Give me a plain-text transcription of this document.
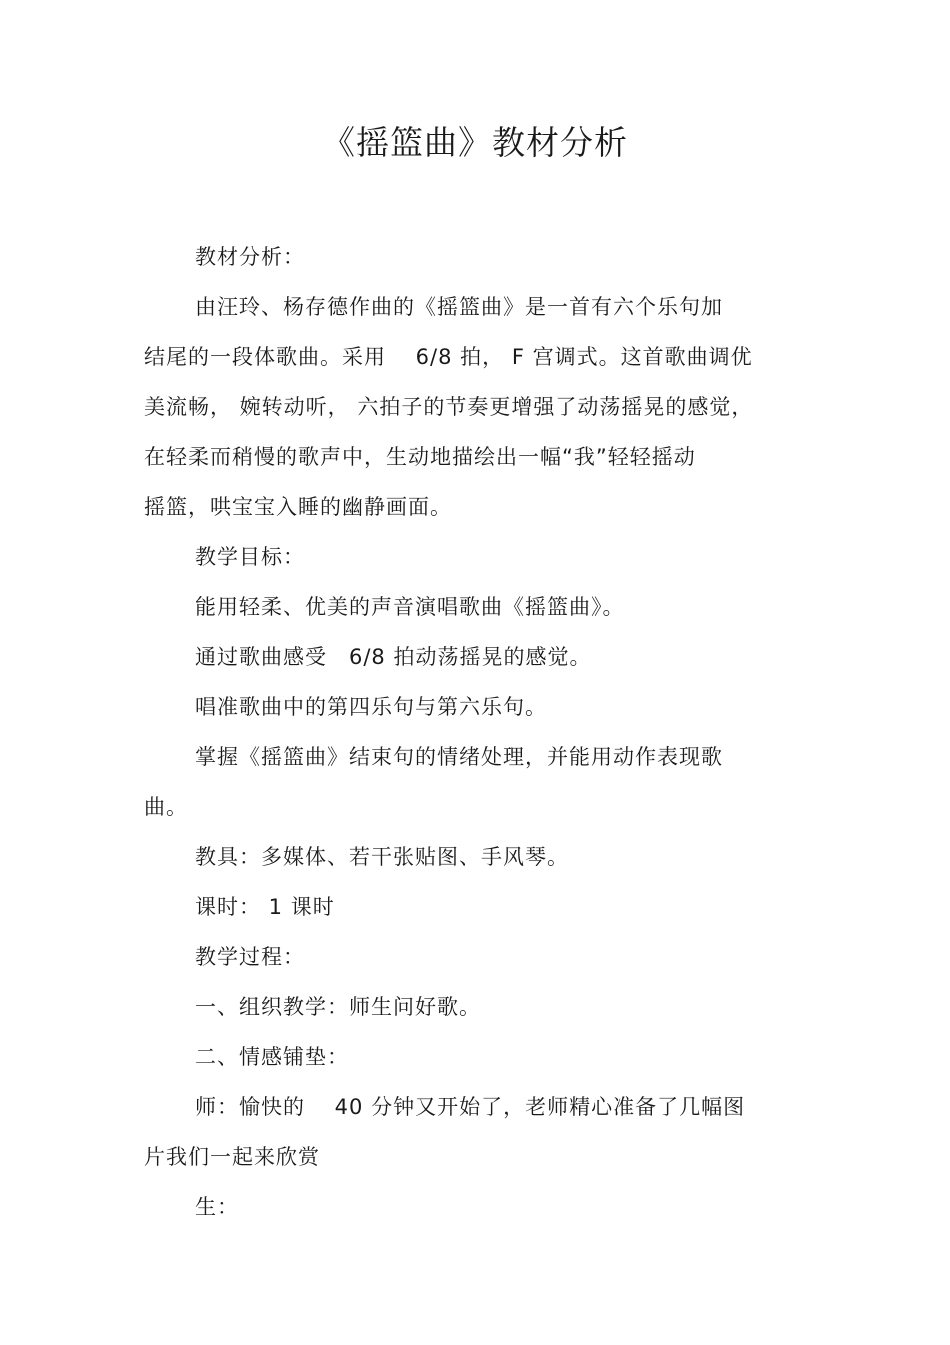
《摇篮曲》教材分析
教材分析：
由汪玲、杨存德作曲的《摇篮曲》是一首有六个乐句加
结尾的一段体歌曲。采用　 6/8 拍， F 宫调式。这首歌曲调优
美流畅， 婉转动听， 六拍子的节奏更增强了动荡摇晃的感觉，
在轻柔而稍慢的歌声中，生动地描绘出一幅“我”轻轻摇动
摇篮，哄宝宝入睡的幽静画面。
教学目标：
能用轻柔、优美的声音演唱歌曲《摇篮曲》。
通过歌曲感受　6/8 拍动荡摇晃的感觉。
唱准歌曲中的第四乐句与第六乐句。
掌握《摇篮曲》结束句的情绪处理，并能用动作表现歌
曲。
教具：多媒体、若干张贴图、手风琴。
课时： 1 课时
教学过程：
一、组织教学：师生问好歌。
二、情感铺垫：
师：愉快的　 40 分钟又开始了，老师精心准备了几幅图
片我们一起来欣赏
生：
